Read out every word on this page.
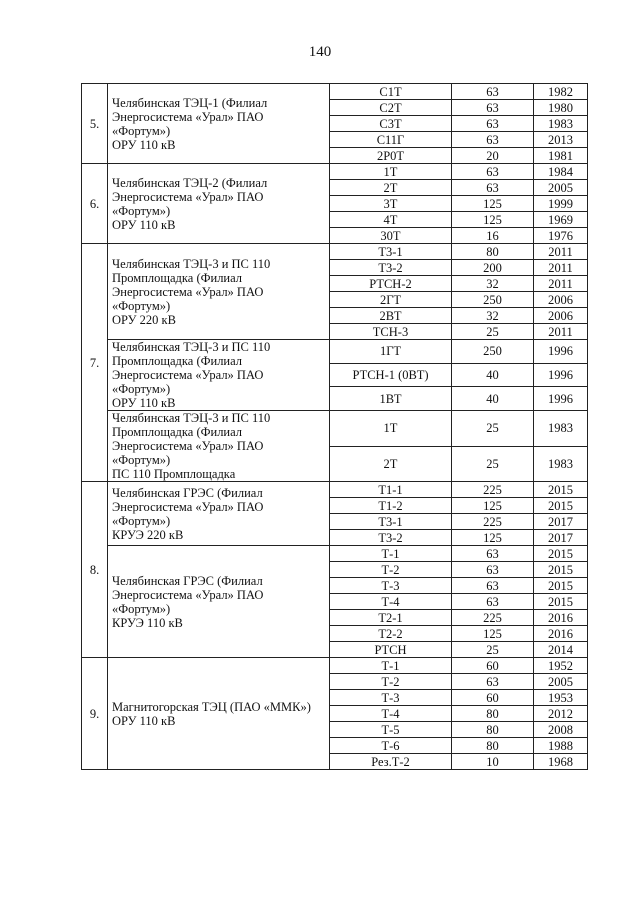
140
5.	Челябинская ТЭЦ-1 (Филиал
Энергосистема «Урал» ПАО
«Фортум»)
ОРУ 110 кВ	С1Т	63	1982
		С2Т	63	1980
		С3Т	63	1983
		С11Г	63	2013
		2Р0Т	20	1981
6.	Челябинская ТЭЦ-2 (Филиал
Энергосистема «Урал» ПАО
«Фортум»)
ОРУ 110 кВ	1Т	63	1984
		2Т	63	2005
		3Т	125	1999
		4Т	125	1969
		30Т	16	1976
7.	Челябинская ТЭЦ-3 и ПС 110
Промплощадка (Филиал
Энергосистема «Урал» ПАО
«Фортум»)
ОРУ 220 кВ	Т3-1	80	2011
		Т3-2	200	2011
		РТСН-2	32	2011
		2ГТ	250	2006
		2ВТ	32	2006
		ТСН-3	25	2011
	Челябинская ТЭЦ-3 и ПС 110
Промплощадка (Филиал
Энергосистема «Урал» ПАО
«Фортум»)
ОРУ 110 кВ	1ГТ	250	1996
		РТСН-1 (0ВТ)	40	1996
		1ВТ	40	1996
	Челябинская ТЭЦ-3 и ПС 110
Промплощадка (Филиал
Энергосистема «Урал» ПАО
«Фортум»)
ПС 110 Промплощадка	1Т	25	1983
		2Т	25	1983
8.	Челябинская ГРЭС (Филиал
Энергосистема «Урал» ПАО
«Фортум»)
КРУЭ 220 кВ	Т1-1	225	2015
		Т1-2	125	2015
		Т3-1	225	2017
		Т3-2	125	2017
	Челябинская ГРЭС (Филиал
Энергосистема «Урал» ПАО
«Фортум»)
КРУЭ 110 кВ	Т-1	63	2015
		Т-2	63	2015
		Т-3	63	2015
		Т-4	63	2015
		Т2-1	225	2016
		Т2-2	125	2016
		РТСН	25	2014
9.	Магнитогорская ТЭЦ (ПАО «ММК»)
ОРУ 110 кВ	Т-1	60	1952
		Т-2	63	2005
		Т-3	60	1953
		Т-4	80	2012
		Т-5	80	2008
		Т-6	80	1988
		Рез.Т-2	10	1968
